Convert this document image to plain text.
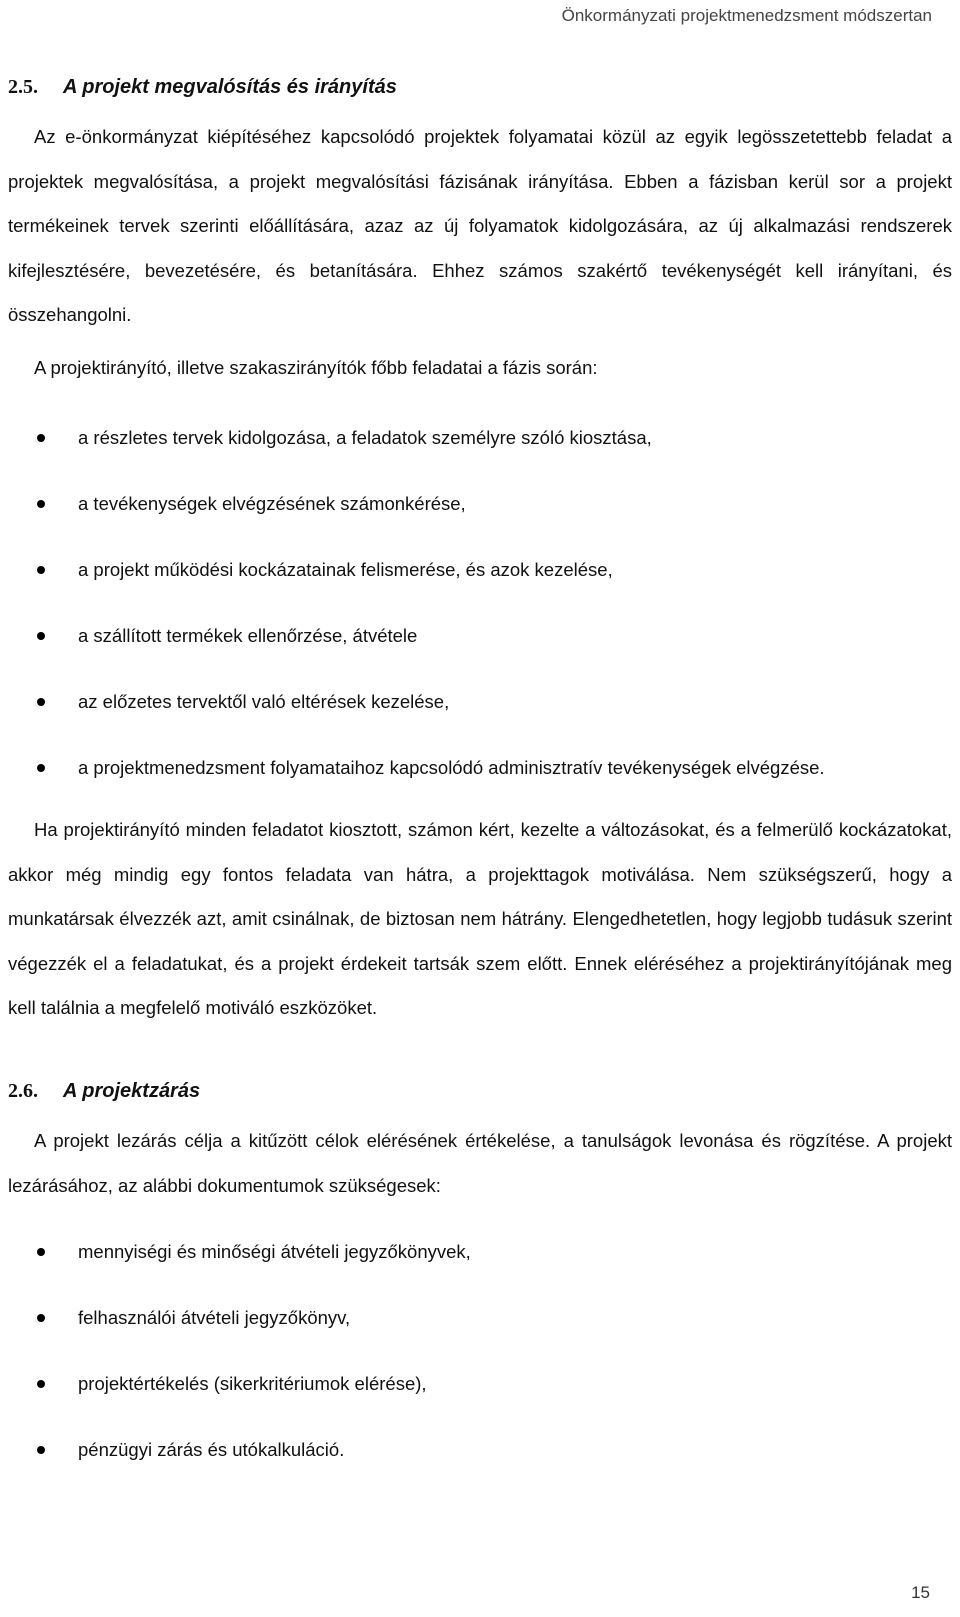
Önkormányzati projektmenedzsment módszertan
2.5. A projekt megvalósítás és irányítás

Az e-önkormányzat kiépítéséhez kapcsolódó projektek folyamatai közül az egyik legösszetettebb feladat a projektek megvalósítása, a projekt megvalósítási fázisának irányítása. Ebben a fázisban kerül sor a projekt termékeinek tervek szerinti előállítására, azaz az új folyamatok kidolgozására, az új alkalmazási rendszerek kifejlesztésére, bevezetésére, és betanítására. Ehhez számos szakértő tevékenységét kell irányítani, és összehangolni.

A projektirányító, illetve szakaszirányítók főbb feladatai a fázis során:

a részletes tervek kidolgozása, a feladatok személyre szóló kiosztása,
a tevékenységek elvégzésének számonkérése,
a projekt működési kockázatainak felismerése, és azok kezelése,
a szállított termékek ellenőrzése, átvétele
az előzetes tervektől való eltérések kezelése,
a projektmenedzsment folyamataihoz kapcsolódó adminisztratív tevékenységek elvégzése.

Ha projektirányító minden feladatot kiosztott, számon kért, kezelte a változásokat, és a felmerülő kockázatokat, akkor még mindig egy fontos feladata van hátra, a projekttagok motiválása. Nem szükségszerű, hogy a munkatársak élvezzék azt, amit csinálnak, de biztosan nem hátrány. Elengedhetetlen, hogy legjobb tudásuk szerint végezzék el a feladatukat, és a projekt érdekeit tartsák szem előtt. Ennek eléréséhez a projektirányítójának meg kell találnia a megfelelő motiváló eszközöket.

2.6. A projektzárás

A projekt lezárás célja a kitűzött célok elérésének értékelése, a tanulságok levonása és rögzítése. A projekt lezárásához, az alábbi dokumentumok szükségesek:

mennyiségi és minőségi átvételi jegyzőkönyvek,
felhasználói átvételi jegyzőkönyv,
projektértékelés (sikerkritériumok elérése),
pénzügyi zárás és utókalkuláció.
15
